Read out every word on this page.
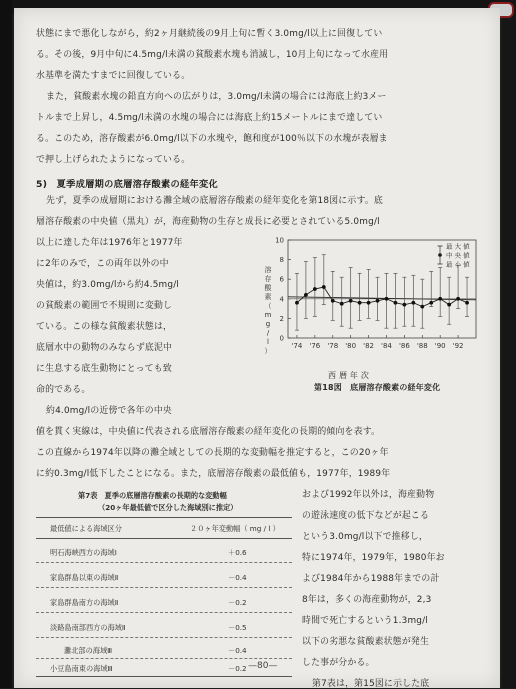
状態にまで悪化しながら，約2ヶ月継続後の9月上旬に暫く3.0mg/l以上に回復してい
る。その後，9月中旬に4.5mg/l未満の貧酸素水塊も消滅し，10月上旬になって水産用
水基準を満たすまでに回復している。
また，貧酸素水塊の鉛直方向への広がりは，3.0mg/l未満の場合には海底上約3メー
トルまで上昇し，4.5mg/l未満の水塊の場合には海底上約15メートルにまで達してい
る。このため，溶存酸素が6.0mg/l以下の水塊や，飽和度が100％以下の水塊が表層ま
で押し上げられたようになっている。
5)　夏季成層期の底層溶存酸素の経年変化
先ず，夏季の成層期における灘全域の底層溶存酸素の経年変化を第18図に示す。底
層溶存酸素の中央値（黒丸）が，海産動物の生存と成長に必要とされている5.0mg/l
以上に達した年は1976年と1977年
に2年のみで，この両年以外の中
央値は，約3.0mg/lから約4.5mg/l
の貧酸素の範囲で不規則に変動し
ている。この様な貧酸素状態は，
底層水中の動物のみならず底泥中
に生息する底生動物にとっても致
命的である。
約4.0mg/lの近傍で各年の中央
0
2
4
6
8
10
'74 '76 '78 '80 '82 '84 '86 '88 '90 '92
溶
存
酸
素
（
m
g
/
l
）
最 大 値
中 央 値
最 小 値
西 暦 年 次
第18図　底層溶存酸素の経年変化
値を貫く実線は，中央値に代表される底層溶存酸素の経年変化の長期的傾向を表す。
この直線から1974年以降の灘全域としての長期的な変動幅を推定すると，この20ヶ年
に約0.3mg/l低下したことになる。また，底層溶存酸素の最低値も，1977年，1989年
第7表　夏季の底層溶存酸素の長期的な変動幅
（20ヶ年最低値で区分した海域別に推定）
最低値による海域区分	２０ヶ年変動幅（ mg / l ）
明石海峡西方の海域Ⅰ	＋0.6
家島群島以東の海域Ⅱ	－0.4
家島群島南方の海域Ⅱ	－0.2
淡路島南部西方の海域Ⅱ	－0.5
灘北部の海域Ⅲ	－0.4
小豆島南東の海域Ⅲ	－0.2
および1992年以外は，海産動物
の遊泳速度の低下などが起こる
という3.0mg/l以下で推移し，
特に1974年，1979年，1980年お
よび1984年から1988年までの計
8年は，多くの海産動物が，2,3
時間で死亡するという1.3mg/l
以下の劣悪な貧酸素状態が発生
した事が分かる。
第7表は，第15図に示した底
—80—
